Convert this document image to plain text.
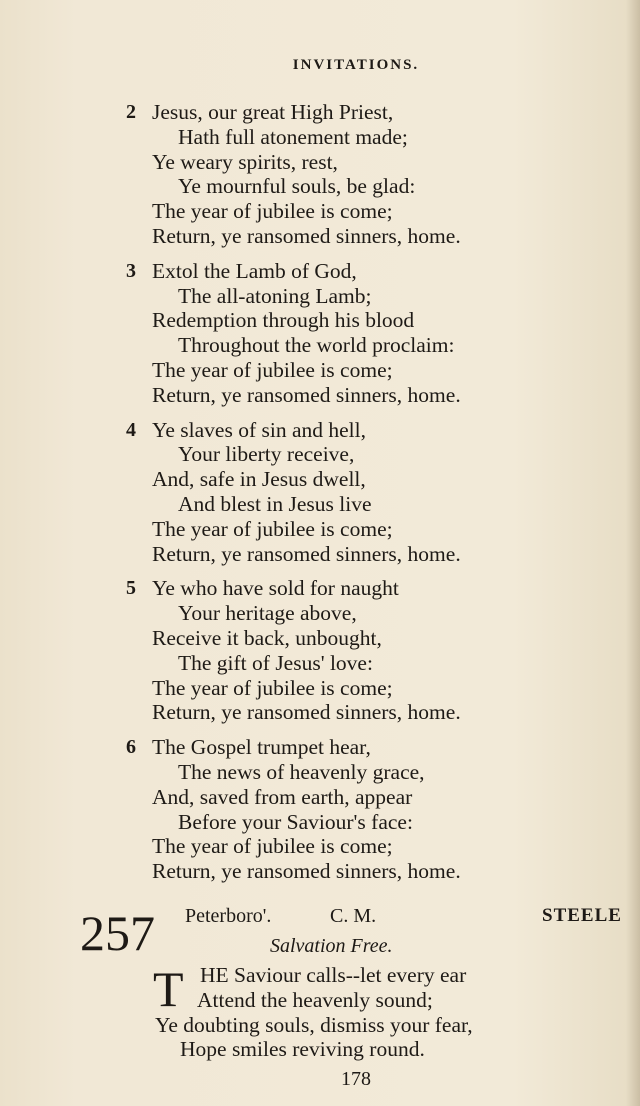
INVITATIONS.
2 Jesus, our great High Priest,
Hath full atonement made;
Ye weary spirits, rest,
Ye mournful souls, be glad:
The year of jubilee is come;
Return, ye ransomed sinners, home.
3 Extol the Lamb of God,
The all-atoning Lamb;
Redemption through his blood
Throughout the world proclaim:
The year of jubilee is come;
Return, ye ransomed sinners, home.
4 Ye slaves of sin and hell,
Your liberty receive,
And, safe in Jesus dwell,
And blest in Jesus live
The year of jubilee is come;
Return, ye ransomed sinners, home.
5 Ye who have sold for naught
Your heritage above,
Receive it back, unbought,
The gift of Jesus' love:
The year of jubilee is come;
Return, ye ransomed sinners, home.
6 The Gospel trumpet hear,
The news of heavenly grace,
And, saved from earth, appear
Before your Saviour's face:
The year of jubilee is come;
Return, ye ransomed sinners, home.
257 Peterboro'.	C. M.	STEELE
Salvation Free.
T HE Saviour calls--let every ear
Attend the heavenly sound;
Ye doubting souls, dismiss your fear,
Hope smiles reviving round.
178
